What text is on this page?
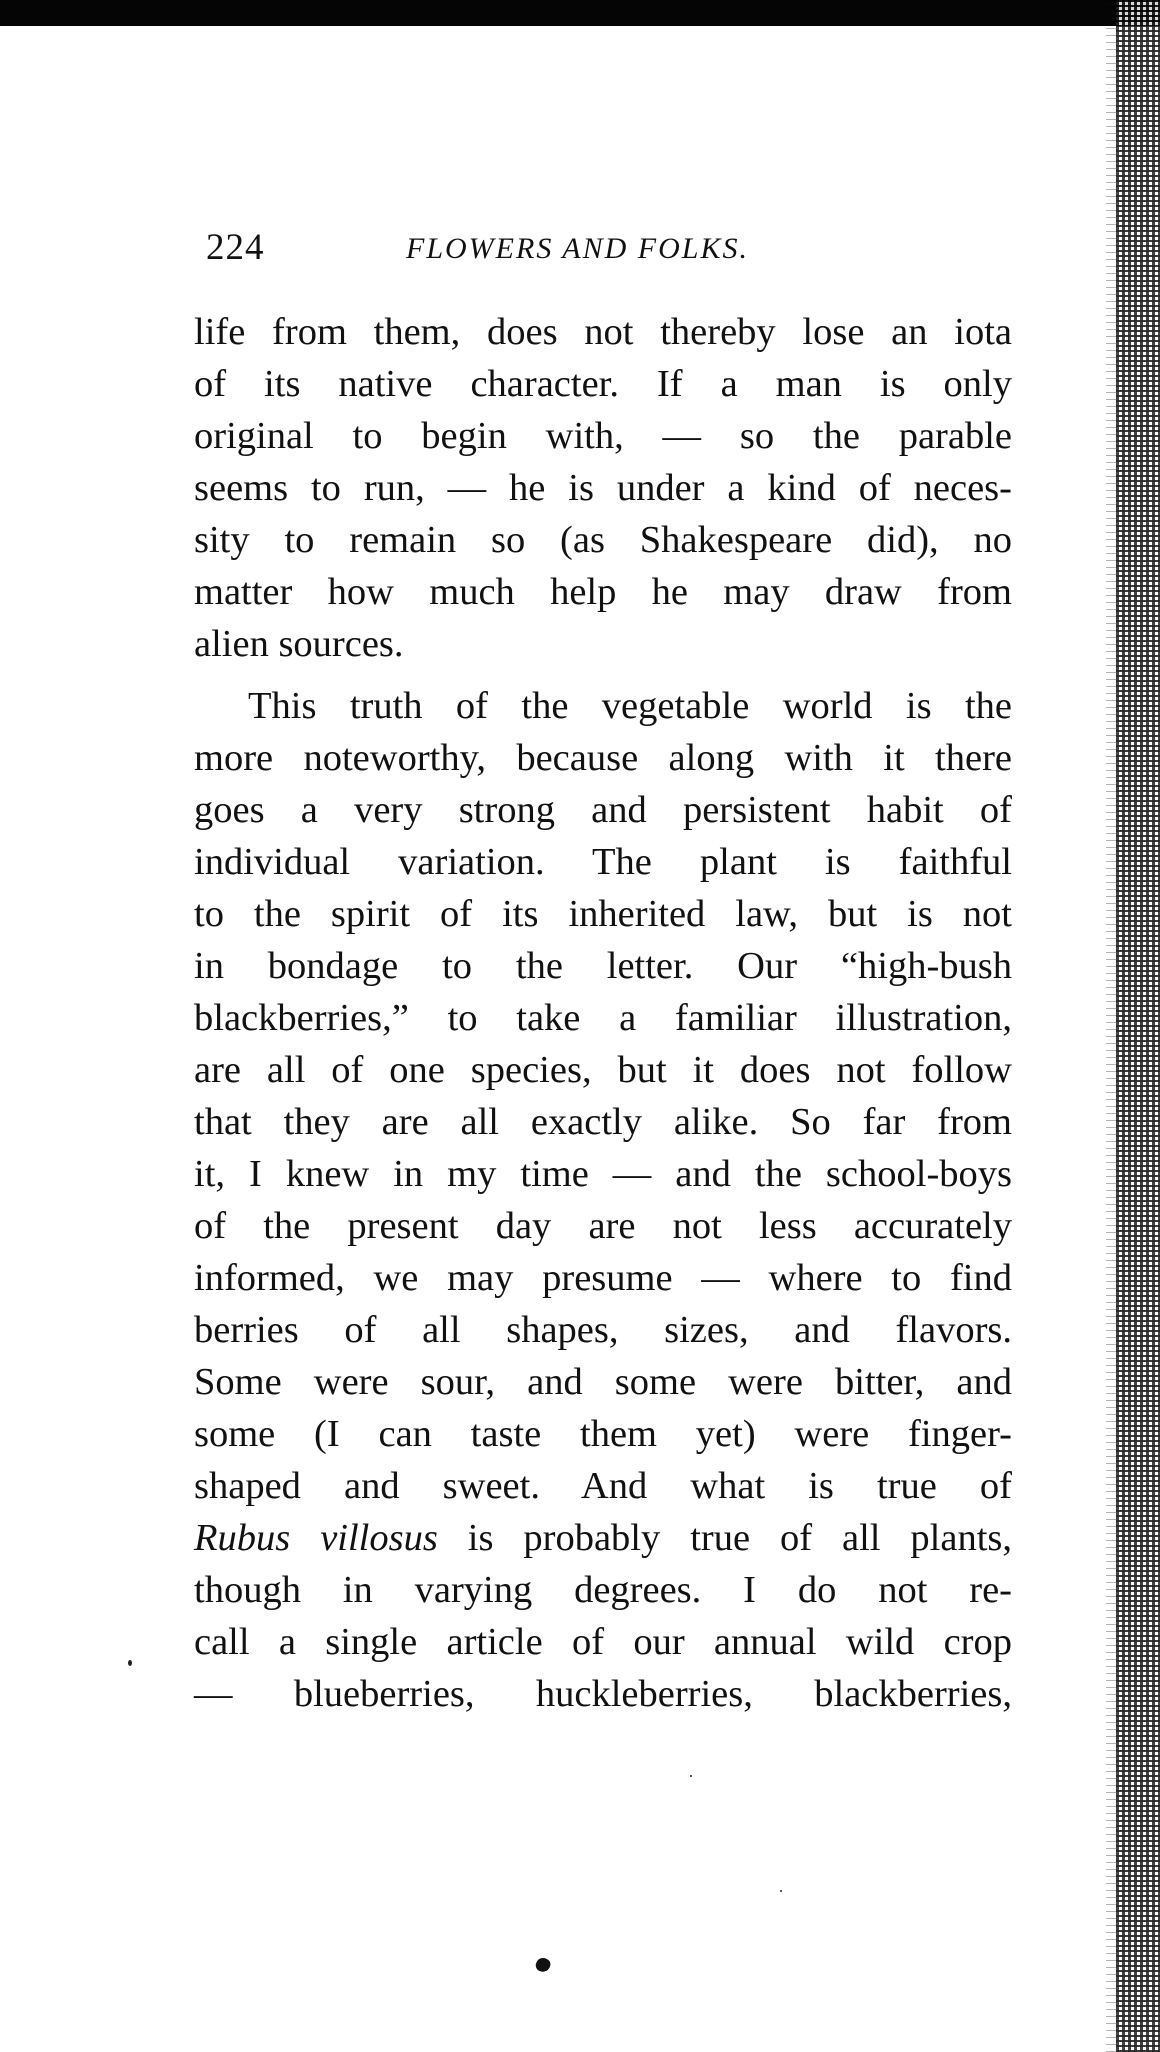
224	FLOWERS AND FOLKS.
life from them, does not thereby lose an iota
of its native character. If a man is only
original to begin with, — so the parable
seems to run, — he is under a kind of neces-
sity to remain so (as Shakespeare did), no
matter how much help he may draw from
alien sources.
This truth of the vegetable world is the
more noteworthy, because along with it there
goes a very strong and persistent habit of
individual variation. The plant is faithful
to the spirit of its inherited law, but is not
in bondage to the letter. Our “high-bush
blackberries,” to take a familiar illustration,
are all of one species, but it does not follow
that they are all exactly alike. So far from
it, I knew in my time — and the school-boys
of the present day are not less accurately
informed, we may presume — where to find
berries of all shapes, sizes, and flavors.
Some were sour, and some were bitter, and
some (I can taste them yet) were finger-
shaped and sweet. And what is true of
Rubus villosus is probably true of all plants,
though in varying degrees. I do not re-
call a single article of our annual wild crop
— blueberries, huckleberries, blackberries,
